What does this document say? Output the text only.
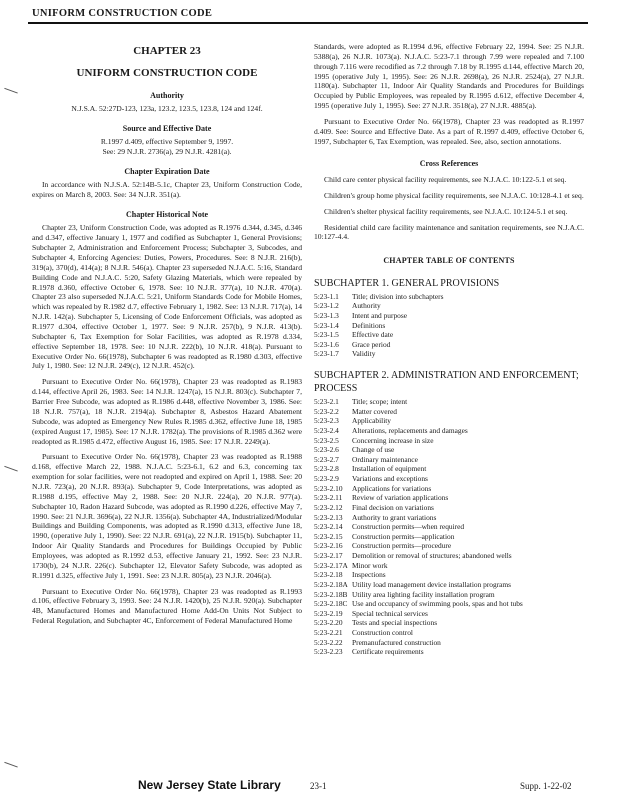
UNIFORM CONSTRUCTION CODE
CHAPTER 23
UNIFORM CONSTRUCTION CODE
Authority
N.J.S.A. 52:27D-123, 123a, 123.2, 123.5, 123.8, 124 and 124f.
Source and Effective Date
R.1997 d.409, effective September 9, 1997.
See: 29 N.J.R. 2736(a), 29 N.J.R. 4281(a).
Chapter Expiration Date
In accordance with N.J.S.A. 52:14B-5.1c, Chapter 23, Uniform Construction Code, expires on March 8, 2003. See: 34 N.J.R. 351(a).
Chapter Historical Note
Chapter 23, Uniform Construction Code, was adopted as R.1976 d.344, d.345, d.346 and d.347, effective January 1, 1977 and codified as Subchapter 1, General Provisions; Subchapter 2, Administration and Enforcement Process; Subchapter 3, Subcodes, and Subchapter 4, Enforcing Agencies: Duties, Powers, Procedures. See: 8 N.J.R. 216(b), 319(a), 370(d), 414(a); 8 N.J.R. 546(a). Chapter 23 superseded N.J.A.C. 5:16, Standard Building Code and N.J.A.C. 5:20, Safety Glazing Materials, which were repealed by R.1978 d.360, effective October 6, 1978. See: 10 N.J.R. 377(a), 10 N.J.R. 470(a). Chapter 23 also superseded N.J.A.C. 5:21, Uniform Standards Code for Mobile Homes, which was repealed by R.1982 d.7, effective February 1, 1982. See: 13 N.J.R. 717(a), 14 N.J.R. 142(a). Subchapter 5, Licensing of Code Enforcement Officials, was adopted as R.1977 d.304, effective October 1, 1977. See: 9 N.J.R. 257(b), 9 N.J.R. 413(b). Subchapter 6, Tax Exemption for Solar Facilities, was adopted as R.1978 d.334, effective September 18, 1978. See: 10 N.J.R. 222(b), 10 N.J.R. 418(a). Pursuant to Executive Order No. 66(1978), Subchapter 6 was readopted as R.1980 d.303, effective July 1, 1980. See: 12 N.J.R. 249(c), 12 N.J.R. 452(c).
Pursuant to Executive Order No. 66(1978), Chapter 23 was readopted as R.1983 d.144, effective April 26, 1983. See: 14 N.J.R. 1247(a), 15 N.J.R. 803(c). Subchapter 7, Barrier Free Subcode, was adopted as R.1986 d.448, effective November 3, 1986. See: 18 N.J.R. 757(a), 18 N.J.R. 2194(a). Subchapter 8, Asbestos Hazard Abatement Subcode, was adopted as Emergency New Rules R.1985 d.362, effective June 18, 1985 (expired August 17, 1985). See: 17 N.J.R. 1782(a). The provisions of R.1985 d.362 were readopted as R.1985 d.472, effective August 16, 1985. See: 17 N.J.R. 2249(a).
Pursuant to Executive Order No. 66(1978), Chapter 23 was readopted as R.1988 d.168, effective March 22, 1988. N.J.A.C. 5:23-6.1, 6.2 and 6.3, concerning tax exemption for solar facilities, were not readopted and expired on April 1, 1988. See: 20 N.J.R. 723(a), 20 N.J.R. 893(a). Subchapter 9, Code Interpretations, was adopted as R.1988 d.195, effective May 2, 1988. See: 20 N.J.R. 224(a), 20 N.J.R. 977(a). Subchapter 10, Radon Hazard Subcode, was adopted as R.1990 d.226, effective May 7, 1990. See: 21 N.J.R. 3696(a), 22 N.J.R. 1356(a). Subchapter 4A, Industrialized/Modular Buildings and Building Components, was adopted as R.1990 d.313, effective June 18, 1990, (operative July 1, 1990). See: 22 N.J.R. 691(a), 22 N.J.R. 1915(b). Subchapter 11, Indoor Air Quality Standards and Procedures for Buildings Occupied by Public Employees, was adopted as R.1992 d.53, effective January 21, 1992. See: 23 N.J.R. 1730(b), 24 N.J.R. 226(c). Subchapter 12, Elevator Safety Subcode, was adopted as R.1991 d.325, effective July 1, 1991. See: 23 N.J.R. 805(a), 23 N.J.R. 2046(a).
Pursuant to Executive Order No. 66(1978), Chapter 23 was readopted as R.1993 d.106, effective February 3, 1993. See: 24 N.J.R. 1420(b), 25 N.J.R. 920(a). Subchapter 4B, Manufactured Homes and Manufactured Home Add-On Units Not Subject to Federal Regulation, and Subchapter 4C, Enforcement of Federal Manufactured Home
Standards, were adopted as R.1994 d.96, effective February 22, 1994. See: 25 N.J.R. 5388(a), 26 N.J.R. 1073(a). N.J.A.C. 5:23-7.1 through 7.99 were repealed and 7.100 through 7.116 were recodified as 7.2 through 7.18 by R.1995 d.144, effective March 20, 1995 (operative July 1, 1995). See: 26 N.J.R. 2698(a), 26 N.J.R. 2524(a), 27 N.J.R. 1180(a). Subchapter 11, Indoor Air Quality Standards and Procedures for Buildings Occupied by Public Employees, was repealed by R.1995 d.612, effective December 4, 1995 (operative July 1, 1995). See: 27 N.J.R. 3518(a), 27 N.J.R. 4885(a).
Pursuant to Executive Order No. 66(1978), Chapter 23 was readopted as R.1997 d.409. See: Source and Effective Date. As a part of R.1997 d.409, effective October 6, 1997, Subchapter 6, Tax Exemption, was repealed. See, also, section annotations.
Cross References
Child care center physical facility requirements, see N.J.A.C. 10:122-5.1 et seq.
Children's group home physical facility requirements, see N.J.A.C. 10:128-4.1 et seq.
Children's shelter physical facility requirements, see N.J.A.C. 10:124-5.1 et seq.
Residential child care facility maintenance and sanitation requirements, see N.J.A.C. 10:127-4.4.
CHAPTER TABLE OF CONTENTS
SUBCHAPTER 1. GENERAL PROVISIONS
5:23-1.1	Title; division into subchapters
5:23-1.2	Authority
5:23-1.3	Intent and purpose
5:23-1.4	Definitions
5:23-1.5	Effective date
5:23-1.6	Grace period
5:23-1.7	Validity
SUBCHAPTER 2. ADMINISTRATION AND ENFORCEMENT; PROCESS
5:23-2.1	Title; scope; intent
5:23-2.2	Matter covered
5:23-2.3	Applicability
5:23-2.4	Alterations, replacements and damages
5:23-2.5	Concerning increase in size
5:23-2.6	Change of use
5:23-2.7	Ordinary maintenance
5:23-2.8	Installation of equipment
5:23-2.9	Variations and exceptions
5:23-2.10	Applications for variations
5:23-2.11	Review of variation applications
5:23-2.12	Final decision on variations
5:23-2.13	Authority to grant variations
5:23-2.14	Construction permits—when required
5:23-2.15	Construction permits—application
5:23-2.16	Construction permits—procedure
5:23-2.17	Demolition or removal of structures; abandoned wells
5:23-2.17A Minor work
5:23-2.18	Inspections
5:23-2.18A Utility load management device installation programs
5:23-2.18B Utility area lighting facility installation program
5:23-2.18C Use and occupancy of swimming pools, spas and hot tubs
5:23-2.19	Special technical services
5:23-2.20	Tests and special inspections
5:23-2.21	Construction control
5:23-2.22	Premanufactured construction
5:23-2.23	Certificate requirements
New Jersey State Library	23-1	Supp. 1-22-02
